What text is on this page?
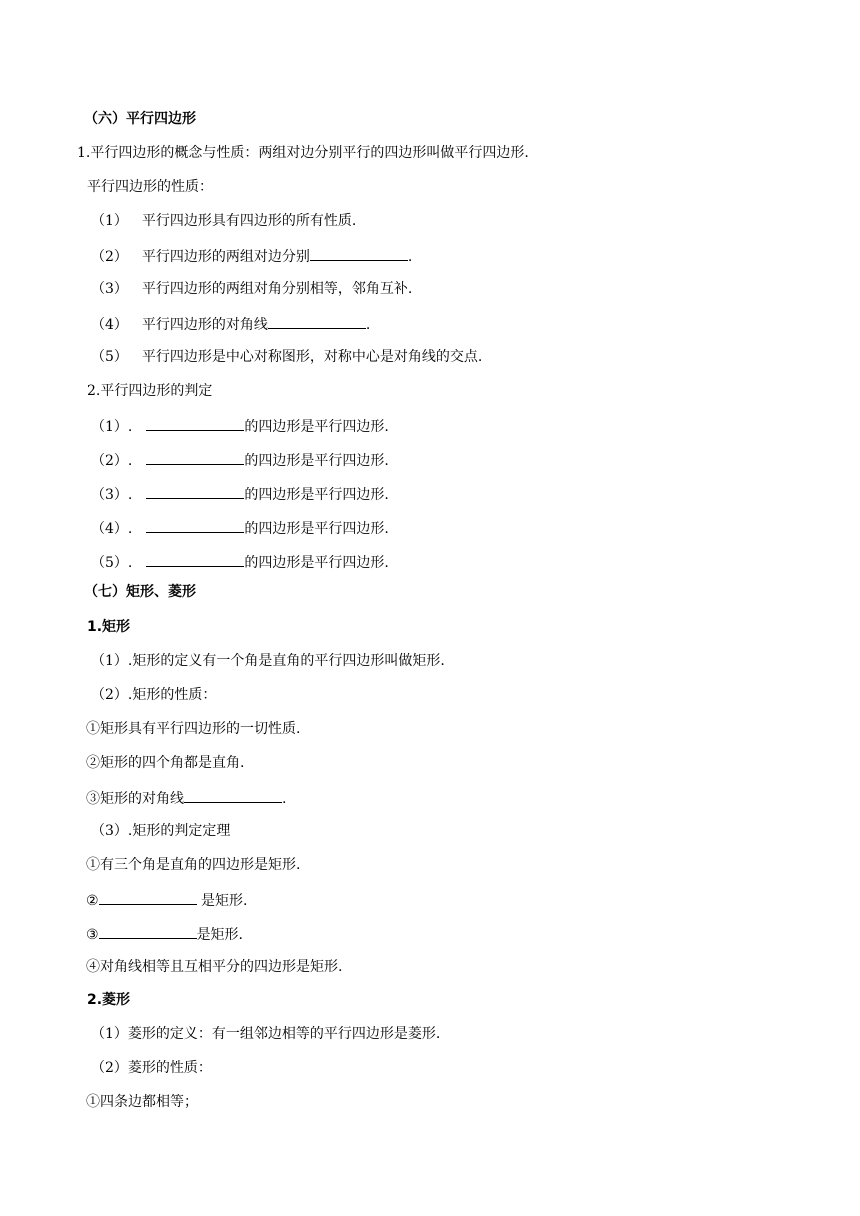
（六）平行四边形
1.平行四边形的概念与性质：两组对边分别平行的四边形叫做平行四边形.
平行四边形的性质：
（1） 平行四边形具有四边形的所有性质.
（2） 平行四边形的两组对边分别	.
（3） 平行四边形的两组对角分别相等，邻角互补.
（4） 平行四边形的对角线	.
（5） 平行四边形是中心对称图形，对称中心是对角线的交点.
2.平行四边形的判定
（1）.	的四边形是平行四边形.
（2）.	的四边形是平行四边形.
（3）.	的四边形是平行四边形.
（4）.	的四边形是平行四边形.
（5）.	的四边形是平行四边形.
（七）矩形、菱形
1.矩形
（1）.矩形的定义有一个角是直角的平行四边形叫做矩形.
（2）.矩形的性质：
①矩形具有平行四边形的一切性质.
②矩形的四个角都是直角.
③矩形的对角线	.
（3）.矩形的判定定理
①有三个角是直角的四边形是矩形.
②	是矩形.
③	是矩形.
④对角线相等且互相平分的四边形是矩形.
2.菱形
（1）菱形的定义：有一组邻边相等的平行四边形是菱形.
（2）菱形的性质：
①四条边都相等；
